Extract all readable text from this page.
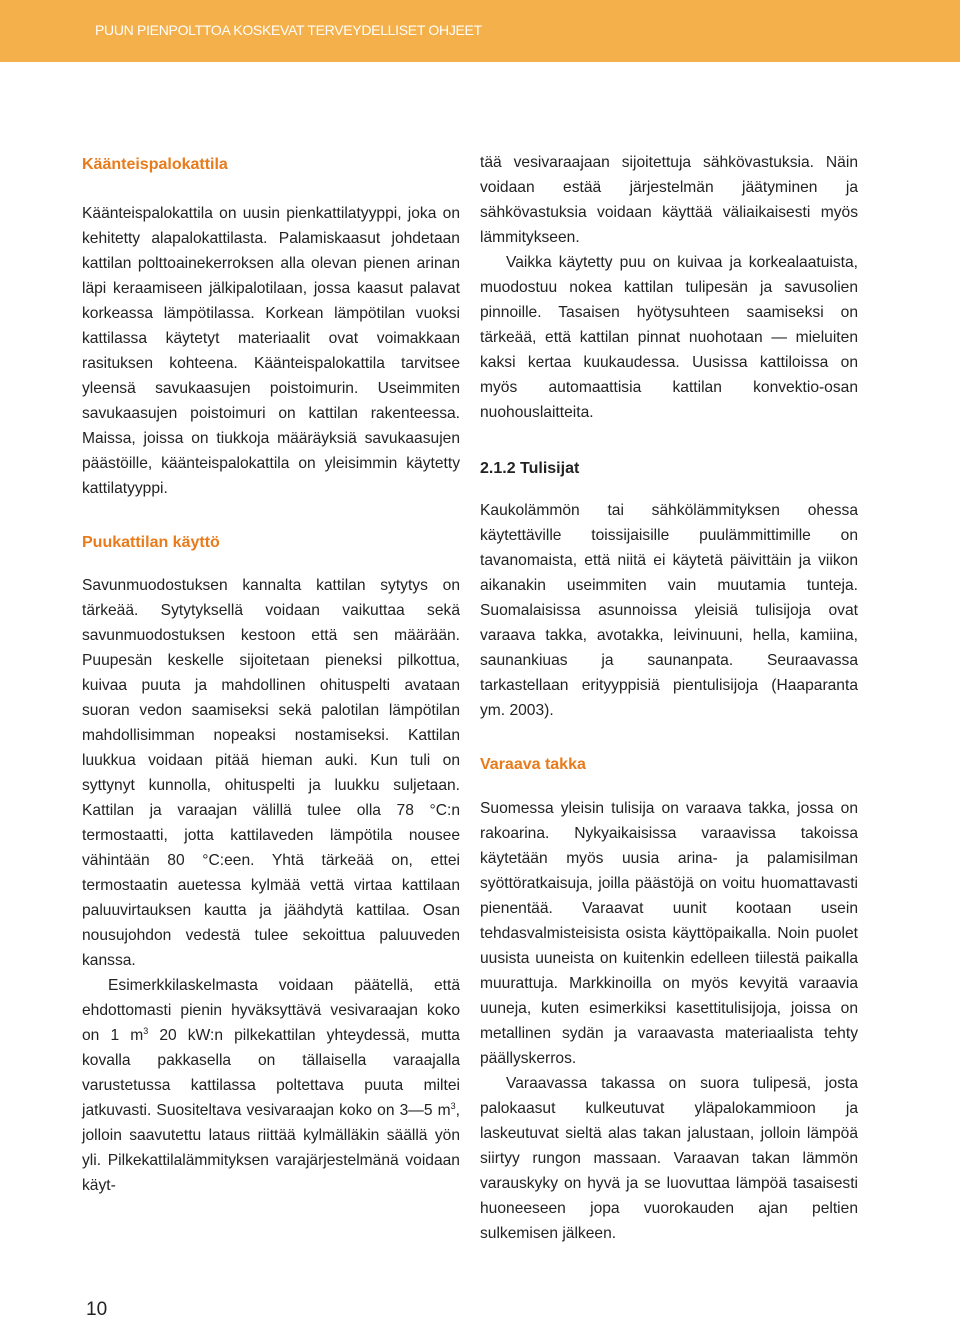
PUUN PIENPOLTTOA KOSKEVAT TERVEYDELLISET OHJEET
Käänteispalokattila

Käänteispalokattila on uusin pienkattilatyyppi, joka on kehitetty alapalokattilasta. Palamiskaasut johdetaan kattilan polttoainekerroksen alla olevan pienen arinan läpi keraamiseen jälkipalotilaan, jossa kaasut palavat korkeassa lämpötilassa. Korkean lämpötilan vuoksi kattilassa käytetyt materiaalit ovat voimakkaan rasituksen kohteena. Käänteispalokattila tarvitsee yleensä savukaasujen poistoimurin. Useimmiten savukaasujen poistoimuri on kattilan rakenteessa. Maissa, joissa on tiukkoja määräyksiä savukaasujen päästöille, käänteispalokattila on yleisimmin käytetty kattilatyyppi.

Puukattilan käyttö

Savunmuodostuksen kannalta kattilan sytytys on tärkeää. Sytytyksellä voidaan vaikuttaa sekä savunmuodostuksen kestoon että sen määrään. Puupesän keskelle sijoitetaan pieneksi pilkottua, kuivaa puuta ja mahdollinen ohituspelti avataan suoran vedon saamiseksi sekä palotilan lämpötilan mahdollisimman nopeaksi nostamiseksi. Kattilan luukkua voidaan pitää hieman auki. Kun tuli on syttynyt kunnolla, ohituspelti ja luukku suljetaan. Kattilan ja varaajan välillä tulee olla 78 °C:n termostaatti, jotta kattilaveden lämpötila nousee vähintään 80 °C:een. Yhtä tärkeää on, ettei termostaatin auetessa kylmää vettä virtaa kattilaan paluuvirtauksen kautta ja jäähdytä kattilaa. Osan nousujohdon vedestä tulee sekoittua paluuveden kanssa.

Esimerkkilaskelmasta voidaan päätellä, että ehdottomasti pienin hyväksyttävä vesivaraajan koko on 1 $m^3$ 20 kW:n pilkekattilan yhteydessä, mutta kovalla pakkasella on tällaisella varaajalla varustetussa kattilassa poltettava puuta miltei jatkuvasti. Suositeltava vesivaraajan koko on 3—5 $m^3$, jolloin saavutettu lataus riittää kylmälläkin säällä yön yli. Pilkekattilalämmityksen varajärjestelmänä voidaan käyt-

tää vesivaraajaan sijoitettuja sähkövastuksia. Näin voidaan estää järjestelmän jäätyminen ja sähkövastuksia voidaan käyttää väliaikaisesti myös lämmitykseen.

Vaikka käytetty puu on kuivaa ja korkealaatuista, muodostuu nokea kattilan tulipesän ja savusolien pinnoille. Tasaisen hyötysuhteen saamiseksi on tärkeää, että kattilan pinnat nuohotaan — mieluiten kaksi kertaa kuukaudessa. Uusissa kattiloissa on myös automaattisia kattilan konvektio-osan nuohouslaitteita.

2.1.2 Tulisijat

Kaukolämmön tai sähkölämmityksen ohessa käytettäville toissijaisille puulämmittimille on tavanomaista, että niitä ei käytetä päivittäin ja viikon aikanakin useimmiten vain muutamia tunteja. Suomalaisissa asunnoissa yleisiä tulisijoja ovat varaava takka, avotakka, leivinuuni, hella, kamiina, saunankiuas ja saunanpata. Seuraavassa tarkastellaan erityyppisiä pientulisijoja (Haaparanta ym. 2003).

Varaava takka

Suomessa yleisin tulisija on varaava takka, jossa on rakoarina. Nykyaikaisissa varaavissa takoissa käytetään myös uusia arina- ja palamisilman syöttöratkaisuja, joilla päästöjä on voitu huomattavasti pienentää. Varaavat uunit kootaan usein tehdasvalmisteisista osista käyttöpaikalla. Noin puolet uusista uuneista on kuitenkin edelleen tiilestä paikalla muurattuja. Markkinoilla on myös kevyitä varaavia uuneja, kuten esimerkiksi kasettitulisijoja, joissa on metallinen sydän ja varaavasta materiaalista tehty päällyskerros.

Varaavassa takassa on suora tulipesä, josta palokaasut kulkeutuvat yläpalokammioon ja laskeutuvat sieltä alas takan jalustaan, jolloin lämpöä siirtyy rungon massaan. Varaavan takan lämmön varauskyky on hyvä ja se luovuttaa lämpöä tasaisesti huoneeseen jopa vuorokauden ajan peltien sulkemisen jälkeen.

10
